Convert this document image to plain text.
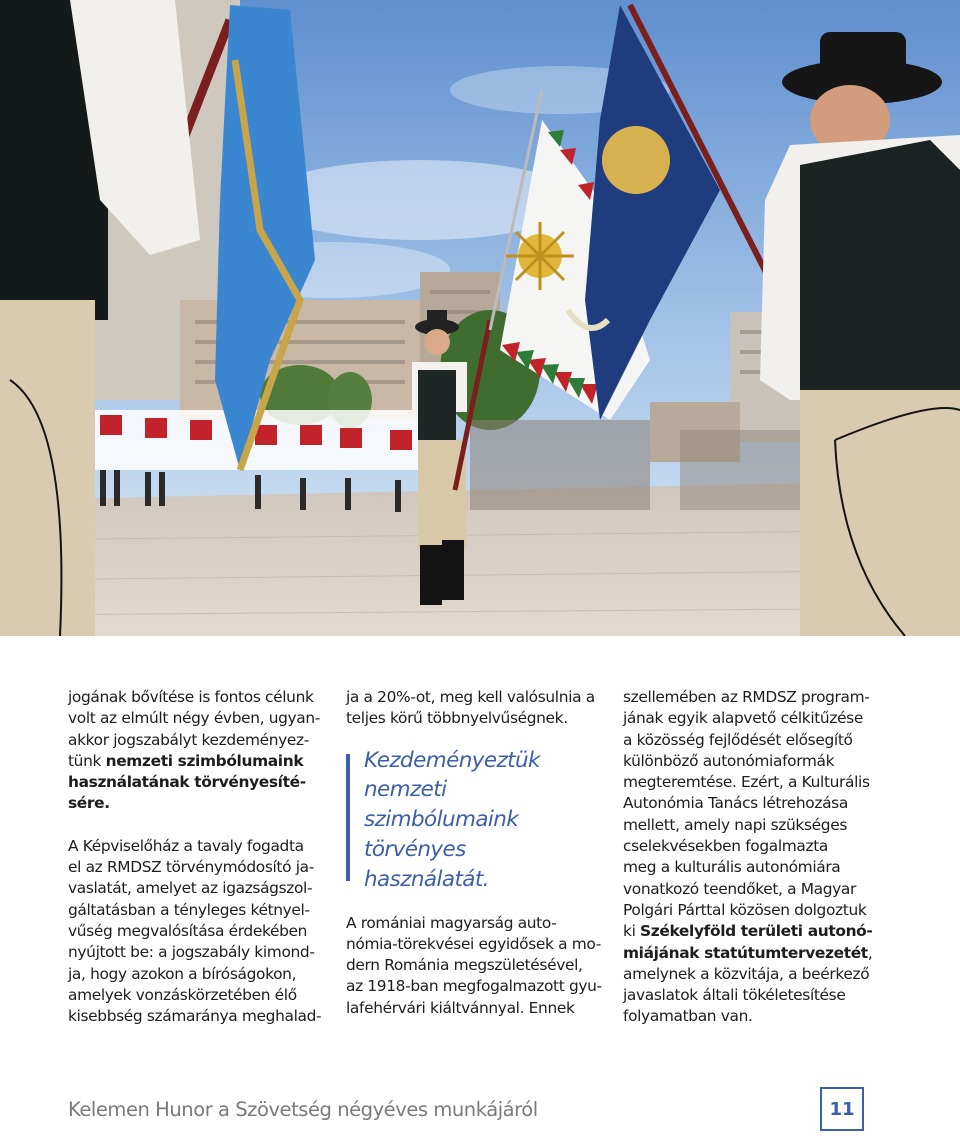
jogának bővítése is fontos célunk
volt az elmúlt négy évben, ugyan-
akkor jogszabályt kezdeményez-
tünk nemzeti szimbólumaink
használatának törvényesíté-
sére.
A Képviselőház a tavaly fogadta
el az RMDSZ törvénymódosító ja-
vaslatát, amelyet az igazságszol-
gáltatásban a tényleges kétnyel-
vűség megvalósítása érdekében
nyújtott be: a jogszabály kimond-
ja, hogy azokon a bíróságokon,
amelyek vonzáskörzetében élő
kisebbség számaránya meghalad-
ja a 20%-ot, meg kell valósulnia a
teljes körű többnyelvűségnek.
Kezdeményeztük
nemzeti
szimbólumaink
törvényes
használatát.
A romániai magyarság auto-
nómia-törekvései egyidősek a mo-
dern Románia megszületésével,
az 1918-ban megfogalmazott gyu-
lafehérvári kiáltvánnyal. Ennek
szellemében az RMDSZ program-
jának egyik alapvető célkitűzése
a közösség fejlődését elősegítő
különböző autonómiaformák
megteremtése. Ezért, a Kulturális
Autonómia Tanács létrehozása
mellett, amely napi szükséges
cselekvésekben fogalmazta
meg a kulturális autonómiára
vonatkozó teendőket, a Magyar
Polgári Párttal közösen dolgoztuk
ki Székelyföld területi autonó-
miájának statútumtervezetét,
amelynek a közvitája, a beérkező
javaslatok általi tökéletesítése
folyamatban van.
Kelemen Hunor a Szövetség négyéves munkájáról	11
